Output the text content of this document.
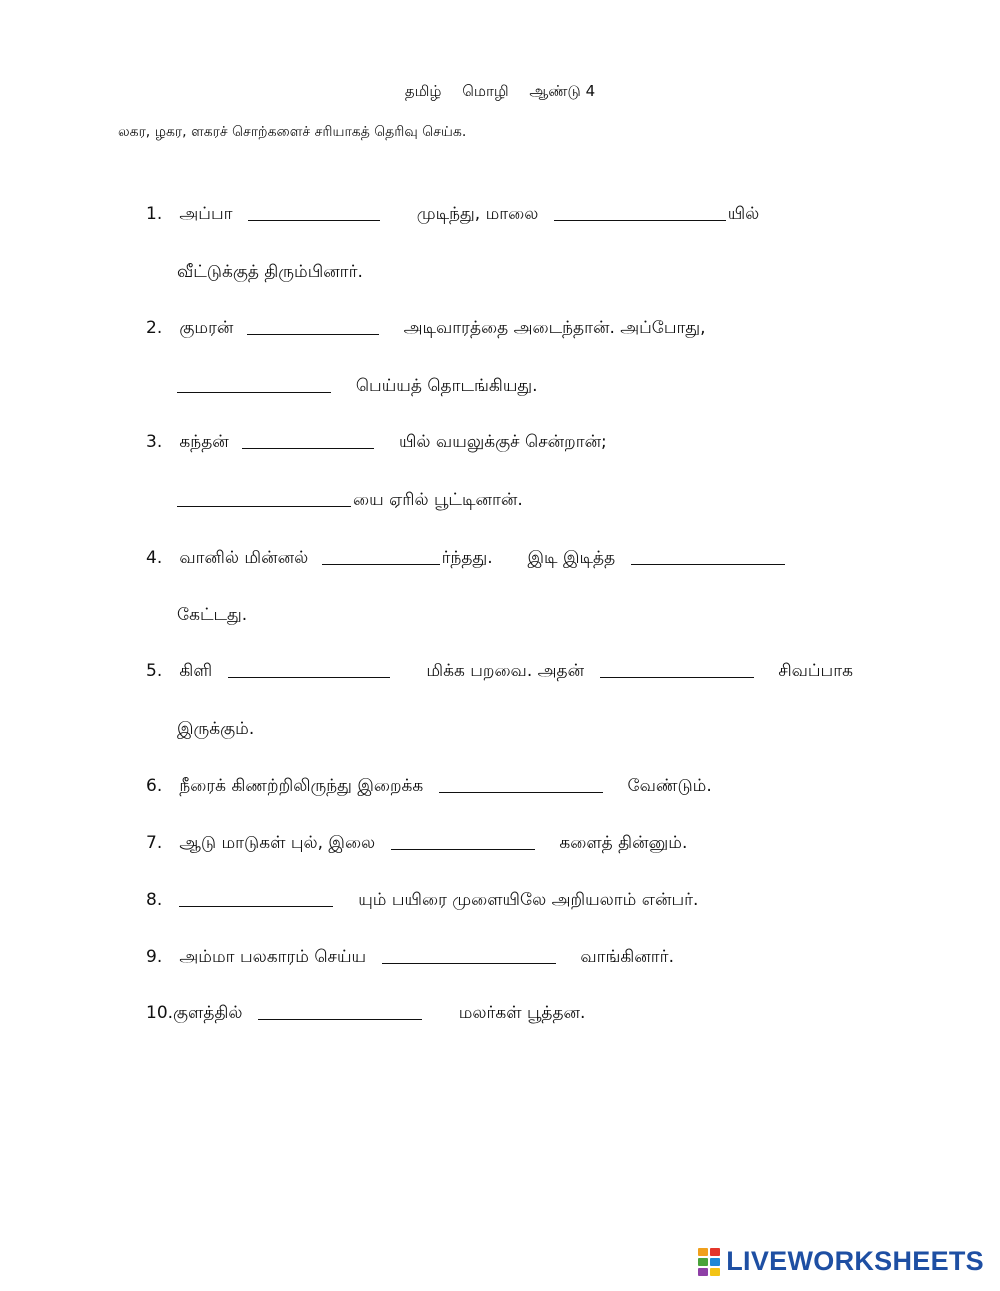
தமிழ் மொழி ஆண்டு 4
லகர, ழகர, ளகரச் சொற்களைச் சரியாகத் தெரிவு செய்க.
1. அப்பா	முடிந்து, மாலை	யில்
வீட்டுக்குத் திரும்பினார்.
2. குமரன்	அடிவாரத்தை அடைந்தான். அப்போது,
பெய்யத் தொடங்கியது.
3. கந்தன்	யில் வயலுக்குச் சென்றான்;
யை ஏரில் பூட்டினான்.
4. வானில் மின்னல்	ர்ந்தது. இடி இடித்த
கேட்டது.
5. கிளி	மிக்க பறவை. அதன்	சிவப்பாக
இருக்கும்.
6. நீரைக் கிணற்றிலிருந்து இறைக்க	வேண்டும்.
7. ஆடு மாடுகள் புல், இலை	களைத் தின்னும்.
8.	யும் பயிரை முளையிலே அறியலாம் என்பர்.
9. அம்மா பலகாரம் செய்ய	வாங்கினார்.
10.குளத்தில்	மலர்கள் பூத்தன.
LIVEWORKSHEETS
